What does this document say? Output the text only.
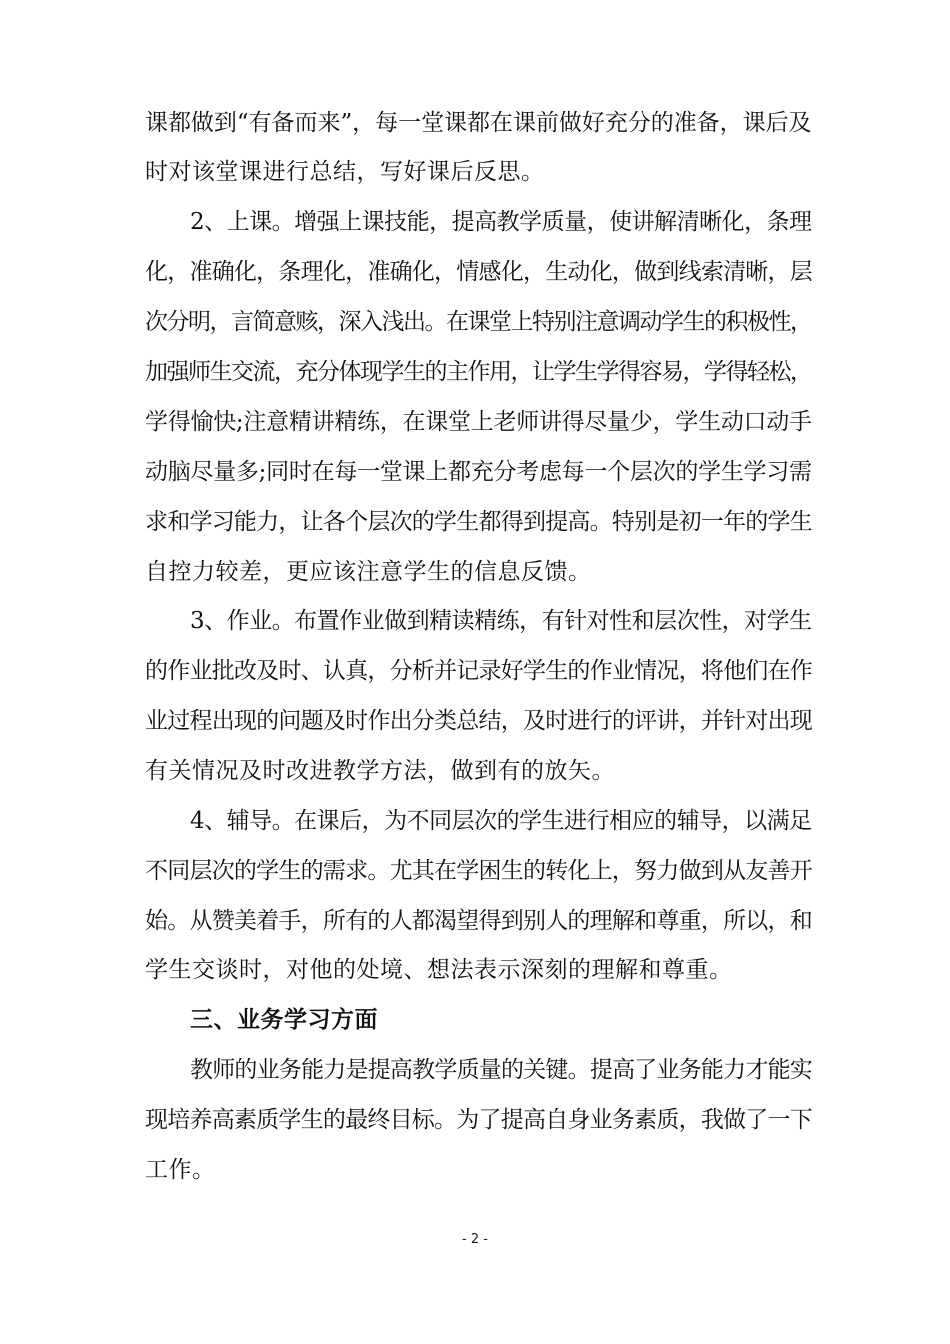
课都做到“有备而来”，每一堂课都在课前做好充分的准备，课后及
时对该堂课进行总结，写好课后反思。
2、上课。增强上课技能，提高教学质量，使讲解清晰化，条理
化，准确化，条理化，准确化，情感化，生动化，做到线索清晰，层
次分明，言简意赅，深入浅出。在课堂上特别注意调动学生的积极性，
加强师生交流，充分体现学生的主作用，让学生学得容易，学得轻松，
学得愉快;注意精讲精练，在课堂上老师讲得尽量少，学生动口动手
动脑尽量多;同时在每一堂课上都充分考虑每一个层次的学生学习需
求和学习能力，让各个层次的学生都得到提高。特别是初一年的学生
自控力较差，更应该注意学生的信息反馈。
3、作业。布置作业做到精读精练，有针对性和层次性，对学生
的作业批改及时、认真，分析并记录好学生的作业情况，将他们在作
业过程出现的问题及时作出分类总结，及时进行的评讲，并针对出现
有关情况及时改进教学方法，做到有的放矢。
4、辅导。在课后，为不同层次的学生进行相应的辅导，以满足
不同层次的学生的需求。尤其在学困生的转化上，努力做到从友善开
始。从赞美着手，所有的人都渴望得到别人的理解和尊重，所以，和
学生交谈时，对他的处境、想法表示深刻的理解和尊重。
三、业务学习方面
教师的业务能力是提高教学质量的关键。提高了业务能力才能实
现培养高素质学生的最终目标。为了提高自身业务素质，我做了一下
工作。
- 2 -
